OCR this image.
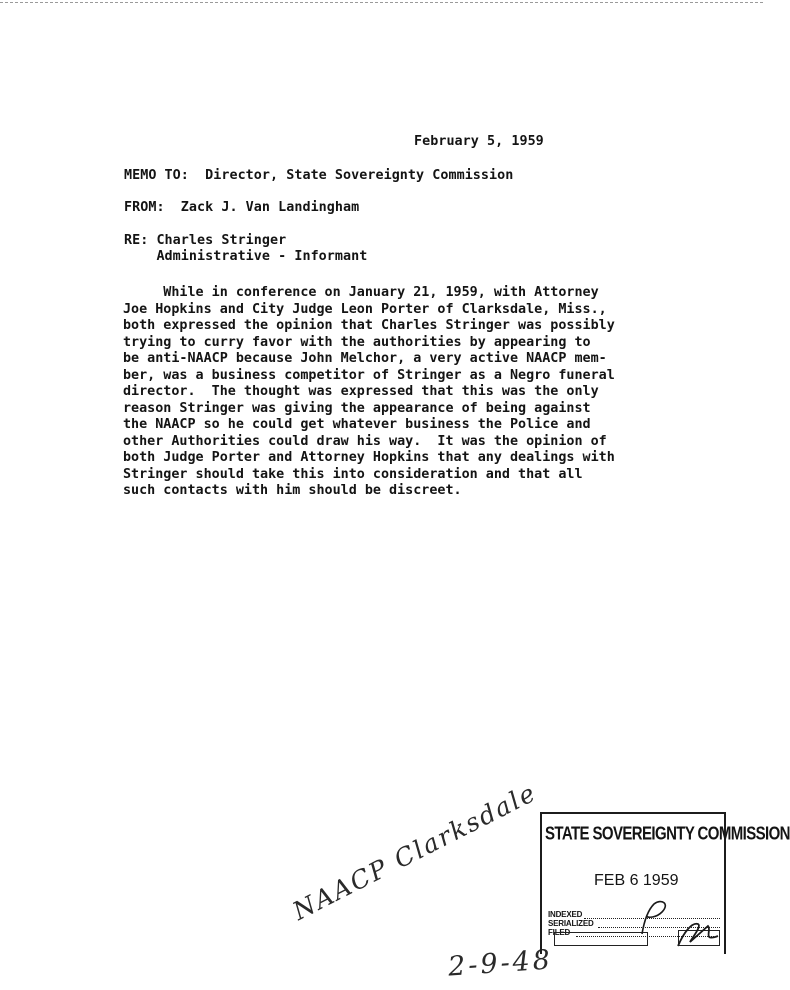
February 5, 1959
MEMO TO:  Director, State Sovereignty Commission
FROM:  Zack J. Van Landingham
RE: Charles Stringer
Administrative - Informant
While in conference on January 21, 1959, with Attorney
Joe Hopkins and City Judge Leon Porter of Clarksdale, Miss.,
both expressed the opinion that Charles Stringer was possibly
trying to curry favor with the authorities by appearing to
be anti-NAACP because John Melchor, a very active NAACP mem-
ber, was a business competitor of Stringer as a Negro funeral
director.  The thought was expressed that this was the only
reason Stringer was giving the appearance of being against
the NAACP so he could get whatever business the Police and
other Authorities could draw his way.  It was the opinion of
both Judge Porter and Attorney Hopkins that any dealings with
Stringer should take this into consideration and that all
such contacts with him should be discreet.
NAACP Clarksdale
2-9-48
STATE SOVEREIGNTY COMMISSION
FEB 6 1959
INDEXED
SERIALIZED
FILED
